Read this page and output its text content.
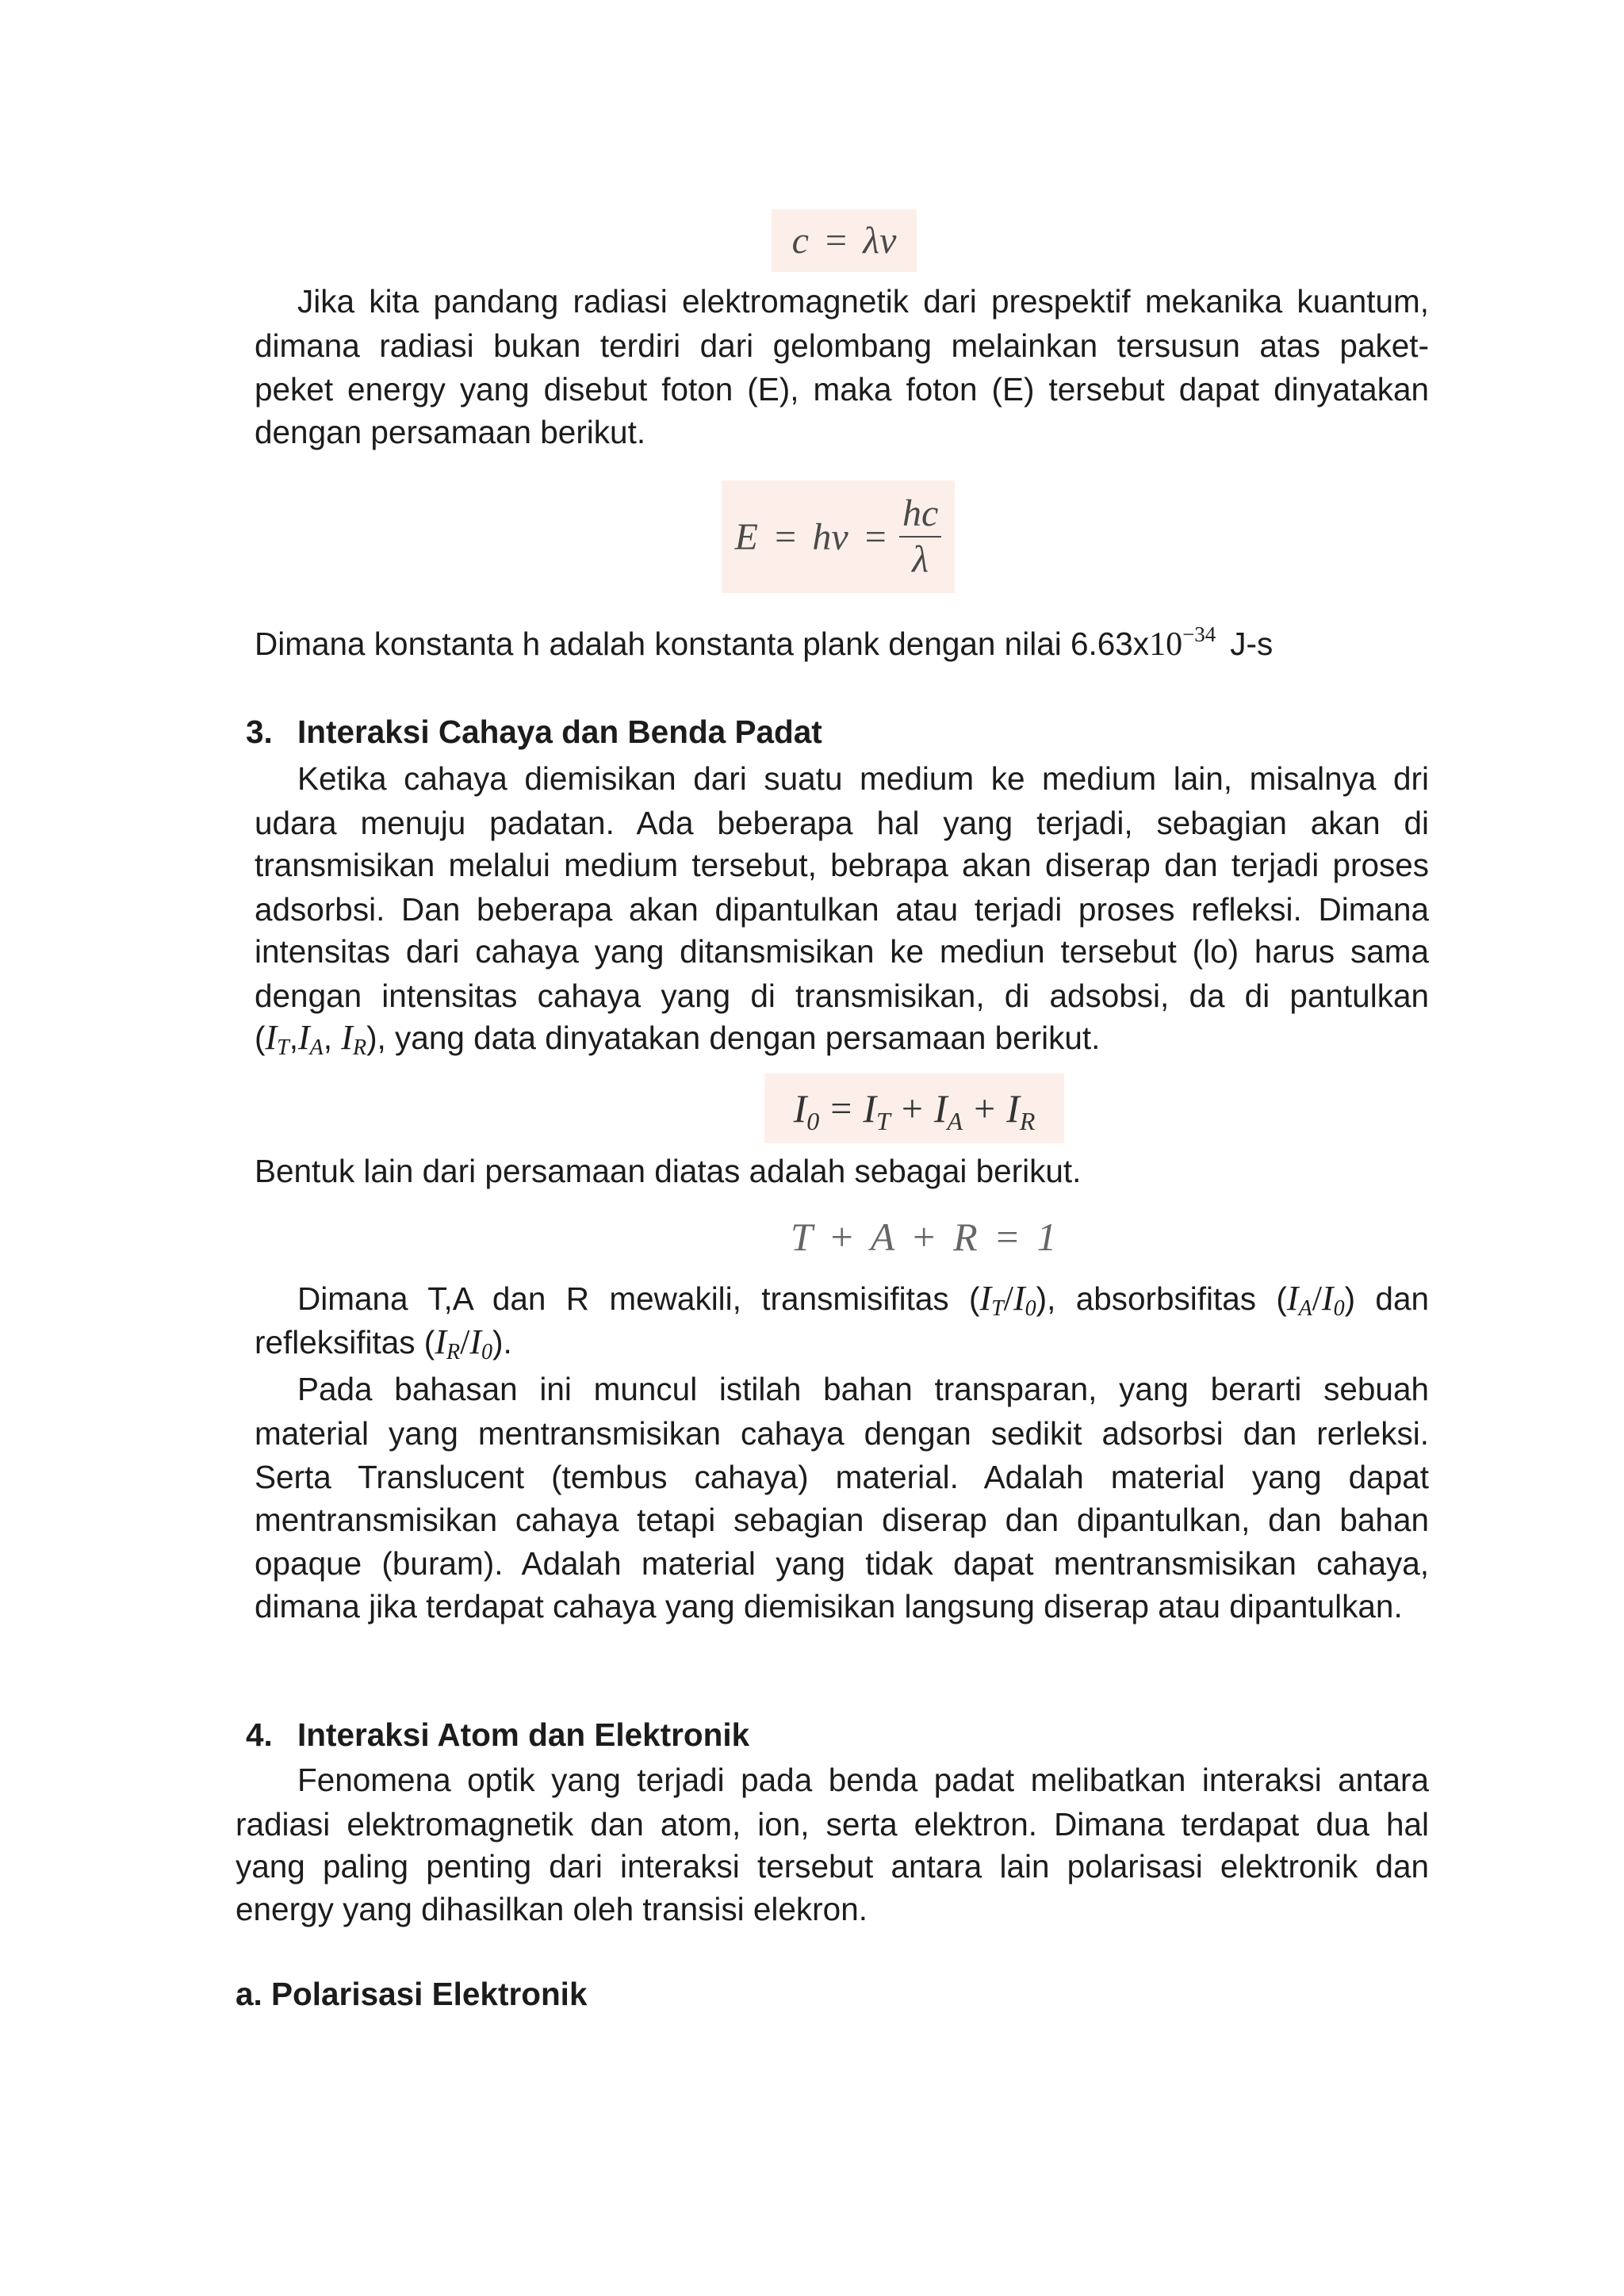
c = λν
Jika kita pandang radiasi elektromagnetik dari prespektif mekanika kuantum,
dimana radiasi bukan terdiri dari gelombang melainkan tersusun atas paket-
peket energy yang disebut foton (E), maka foton (E) tersebut dapat dinyatakan
dengan persamaan berikut.
$E = h\nu = \frac{hc}{\lambda}$
Dimana konstanta h adalah konstanta plank dengan nilai $6.63x10^{-34}$ J-s
3. Interaksi Cahaya dan Benda Padat
Ketika cahaya diemisikan dari suatu medium ke medium lain, misalnya dri
udara menuju padatan. Ada beberapa hal yang terjadi, sebagian akan di
transmisikan melalui medium tersebut, bebrapa akan diserap dan terjadi proses
adsorbsi. Dan beberapa akan dipantulkan atau terjadi proses refleksi. Dimana
intensitas dari cahaya yang ditansmisikan ke mediun tersebut (lo) harus sama
dengan intensitas cahaya yang di transmisikan, di adsobsi, da di pantulkan
(IT,IA, IR), yang data dinyatakan dengan persamaan berikut.
$I_0 = I_T + I_A + I_R$
Bentuk lain dari persamaan diatas adalah sebagai berikut.
T + A + R = 1
Dimana T,A dan R mewakili, transmisifitas (IT/I0), absorbsifitas (IA/I0) dan
refleksifitas (IR/I0).
Pada bahasan ini muncul istilah bahan transparan, yang berarti sebuah
material yang mentransmisikan cahaya dengan sedikit adsorbsi dan rerleksi.
Serta Translucent (tembus cahaya) material. Adalah material yang dapat
mentransmisikan cahaya tetapi sebagian diserap dan dipantulkan, dan bahan
opaque (buram). Adalah material yang tidak dapat mentransmisikan cahaya,
dimana jika terdapat cahaya yang diemisikan langsung diserap atau dipantulkan.
4. Interaksi Atom dan Elektronik
Fenomena optik yang terjadi pada benda padat melibatkan interaksi antara
radiasi elektromagnetik dan atom, ion, serta elektron. Dimana terdapat dua hal
yang paling penting dari interaksi tersebut antara lain polarisasi elektronik dan
energy yang dihasilkan oleh transisi elekron.
a. Polarisasi Elektronik
